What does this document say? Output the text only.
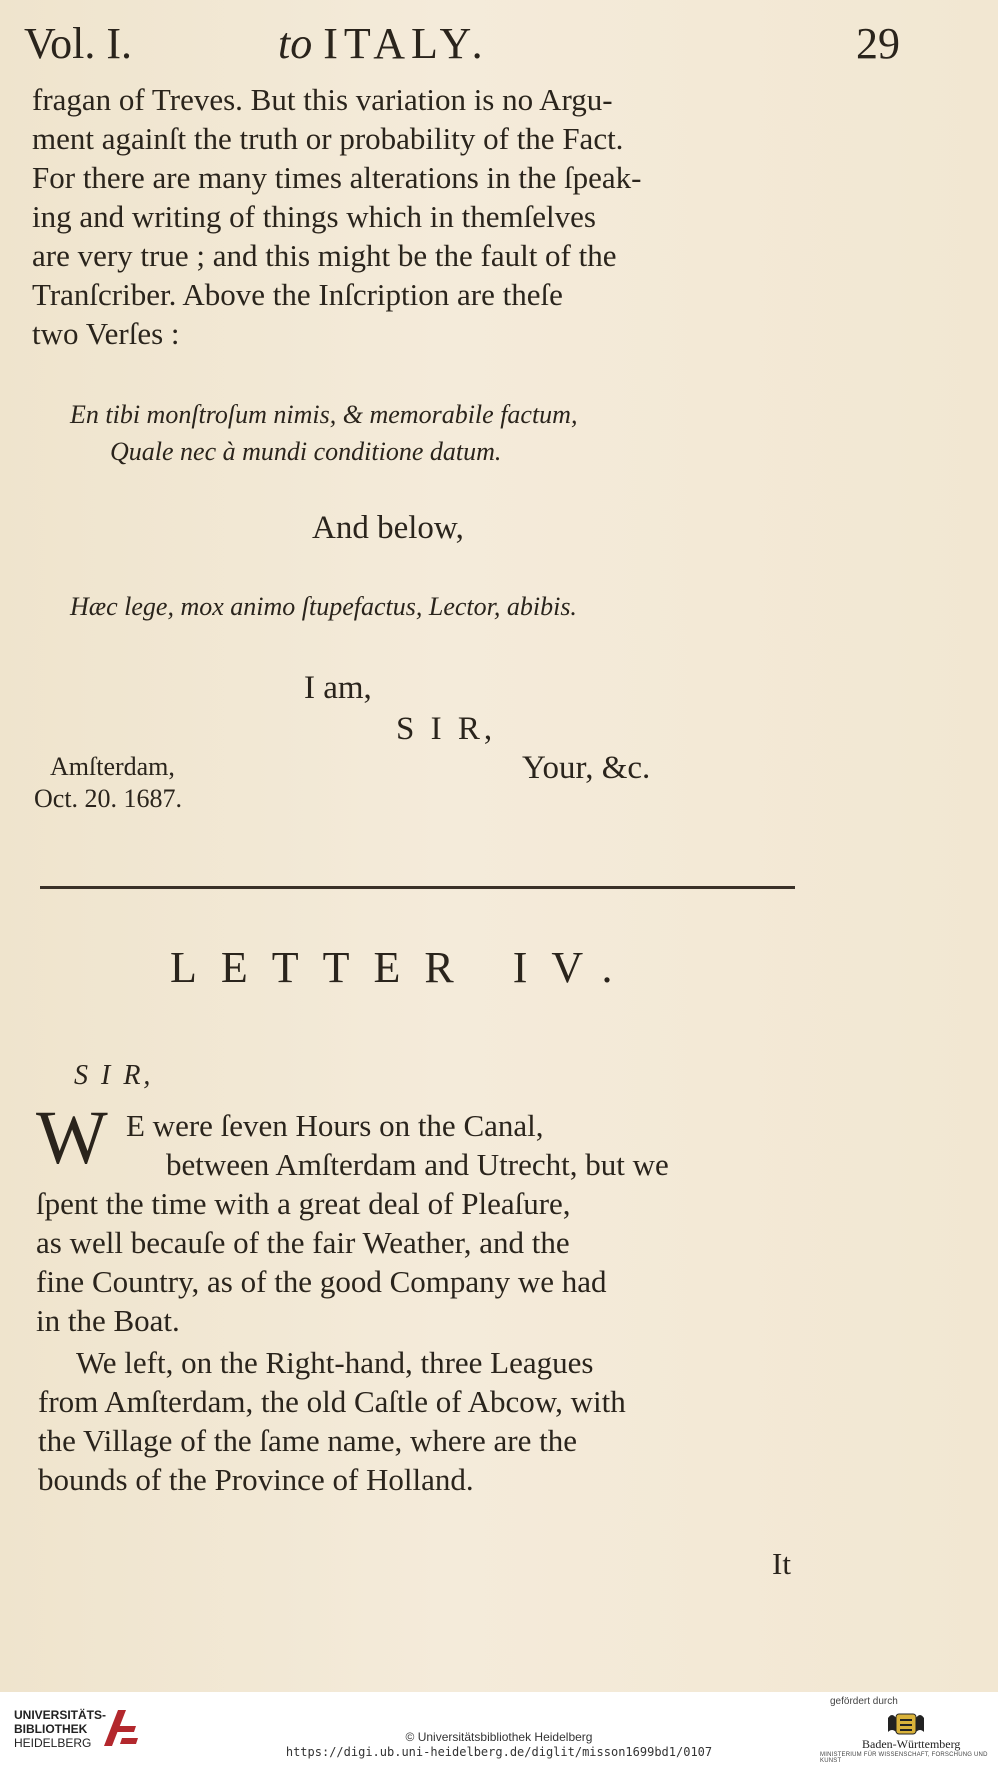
Vol. I.	to ITALY.	29
fragan of Treves. But this variation is no Argu-
ment againſt the truth or probability of the Fact.
For there are many times alterations in the ſpeak-
ing and writing of things which in themſelves
are very true ; and this might be the fault of the
Tranſcriber. Above the Inſcription are theſe
two Verſes :
En tibi monſtroſum nimis, & memorabile factum,
Quale nec à mundi conditione datum.
And below,
Hæc lege, mox animo ſtupefactus, Lector, abibis.
I am,
S I R,
Your, &c.
Amſterdam,
Oct. 20. 1687.
LETTER IV.
S I R,
W E were ſeven Hours on the Canal,
between Amſterdam and Utrecht, but we
ſpent the time with a great deal of Pleaſure,
as well becauſe of the fair Weather, and the
fine Country, as of the good Company we had
in the Boat.
We left, on the Right-hand, three Leagues
from Amſterdam, the old Caſtle of Abcow, with
the Village of the ſame name, where are the
bounds of the Province of Holland.
It
UNIVERSITÄTS-
BIBLIOTHEK
HEIDELBERG	© Universitätsbibliothek Heidelberg
https://digi.ub.uni-heidelberg.de/diglit/misson1699bd1/0107
gefördert durch
Baden-Württemberg
MINISTERIUM FÜR WISSENSCHAFT, FORSCHUNG UND KUNST
